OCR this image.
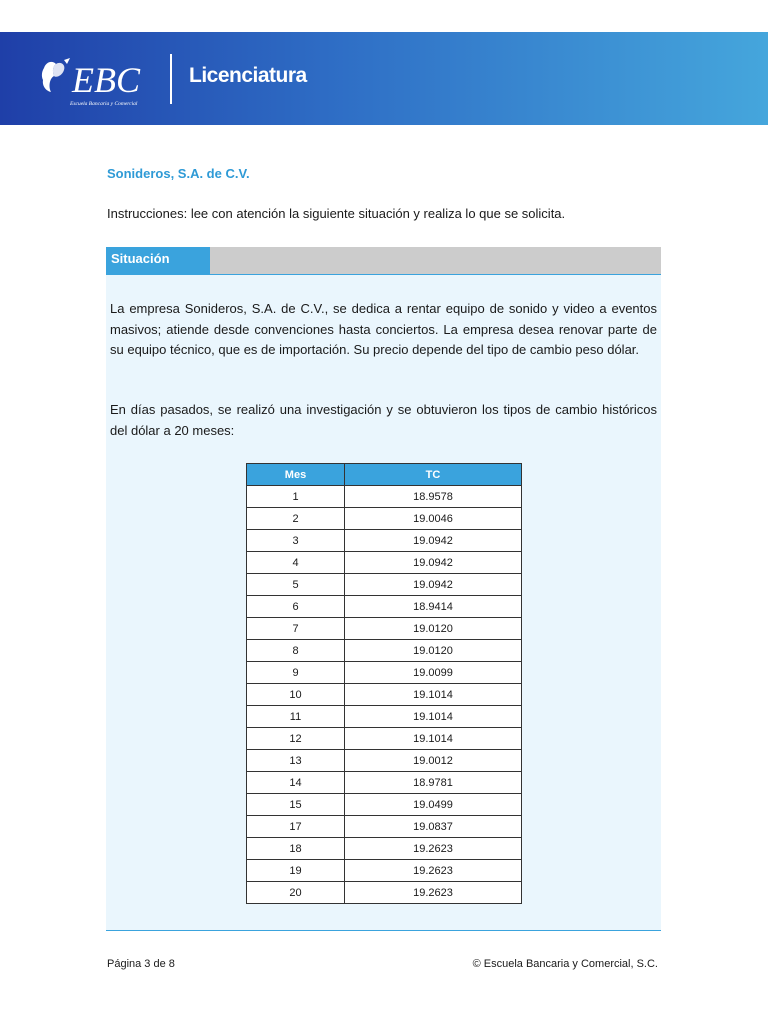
EBC
Escuela Bancaria y Comercial
Licenciatura
Sonideros, S.A. de C.V.
Instrucciones: lee con atención la siguiente situación y realiza lo que se solicita.
Situación
La empresa Sonideros, S.A. de C.V., se dedica a rentar equipo de sonido y video a eventos masivos; atiende desde convenciones hasta conciertos. La empresa desea renovar parte de su equipo técnico, que es de importación. Su precio depende del tipo de cambio peso dólar.
En días pasados, se realizó una investigación y se obtuvieron los tipos de cambio históricos del dólar a 20 meses:
Mes	TC
1	18.9578
2	19.0046
3	19.0942
4	19.0942
5	19.0942
6	18.9414
7	19.0120
8	19.0120
9	19.0099
10	19.1014
11	19.1014
12	19.1014
13	19.0012
14	18.9781
15	19.0499
17	19.0837
18	19.2623
19	19.2623
20	19.2623
Página 3 de 8	© Escuela Bancaria y Comercial, S.C.
